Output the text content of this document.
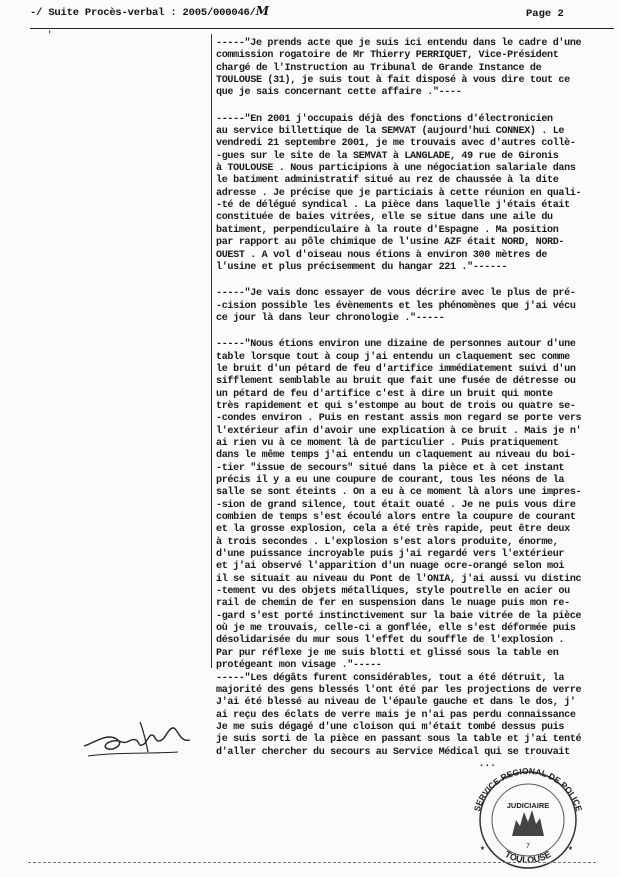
-/ Suite Procès-verbal : 2005/000046/M	Page 2
'

-----"Je prends acte que je suis ici entendu dans le cadre d'une
commission rogatoire de Mr Thierry PERRIQUET, Vice-Président
chargé de l'Instruction au Tribunal de Grande Instance de
TOULOUSE (31), je suis tout à fait disposé à vous dire tout ce
que je sais concernant cette affaire ."----

-----"En 2001 j'occupais déjà des fonctions d'électronicien
au service billettique de la SEMVAT (aujourd'hui CONNEX) . Le
vendredi 21 septembre 2001, je me trouvais avec d'autres collè-
-gues sur le site de la SEMVAT à LANGLADE, 49 rue de Gironis
à TOULOUSE . Nous participions à une négociation salariale dans
le batiment administratif situé au rez de chaussée à la dite
adresse . Je précise que je particiais à cette réunion en quali-
-té de délégué syndical . La pièce dans laquelle j'étais était
constituée de baies vitrées, elle se situe dans une aile du
batiment, perpendiculaire à la route d'Espagne . Ma position
par rapport au pôle chimique de l'usine AZF était NORD, NORD-
OUEST . A vol d'oiseau nous étions à environ 300 mètres de
l'usine et plus précisemment du hangar 221 ."------

-----"Je vais donc essayer de vous décrire avec le plus de pré-
-cision possible les évènements et les phénomènes que j'ai vécu
ce jour là dans leur chronologie ."-----

-----"Nous étions environ une dizaine de personnes autour d'une
table lorsque tout à coup j'ai entendu un claquement sec comme
le bruit d'un pétard de feu d'artifice immédiatement suivi d'un
sifflement semblable au bruit que fait une fusée de détresse ou
un pétard de feu d'artifice c'est à dire un bruit qui monte
très rapidement et qui s'estompe au bout de trois ou quatre se-
-condes environ . Puis en restant assis mon regard se porte vers
l'extérieur afin d'avoir une explication à ce bruit . Mais je n'
ai rien vu à ce moment là de particulier . Puis pratiquement
dans le même temps j'ai entendu un claquement au niveau du boi-
-tier "issue de secours" situé dans la pièce et à cet instant
précis il y a eu une coupure de courant, tous les néons de la
salle se sont éteints . On a eu à ce moment là alors une impres-
-sion de grand silence, tout était ouaté . Je ne puis vous dire
combien de temps s'est écoulé alors entre la coupure de courant
et la grosse explosion, cela a été très rapide, peut être deux
à trois secondes . L'explosion s'est alors produite, énorme,
d'une puissance incroyable puis j'ai regardé vers l'extérieur
et j'ai observé l'apparition d'un nuage ocre-orangé selon moi
il se situait au niveau du Pont de l'ONIA, j'ai aussi vu distinc
-tement vu des objets métalliques, style poutrelle en acier ou
rail de chemin de fer en suspension dans le nuage puis mon re-
-gard s'est porté instinctivement sur la baie vitrée de la pièce
où je me trouvais, celle-ci a gonflée, elle s'est déformée puis
désolidarisée du mur sous l'effet du souffle de l'explosion .
Par pur réflexe je me suis blotti et glissé sous la table en
protégeant mon visage ."-----

-----"Les dégâts furent considérables, tout a été détruit, la
majorité des gens blessés l'ont été par les projections de verre
J'ai été blessé au niveau de l'épaule gauche et dans le dos, j'
ai reçu des éclats de verre mais je n'ai pas perdu connaissance
Je me suis dégagé d'une cloison qui m'était tombé dessus puis
je suis sorti de la pièce en passant sous la table et j'ai tenté
d'aller chercher du secours au Service Médical qui se trouvait
...

SERVICE REGIONAL DE POLICE
JUDICIAIRE
7
TOULOUSE
★	★
